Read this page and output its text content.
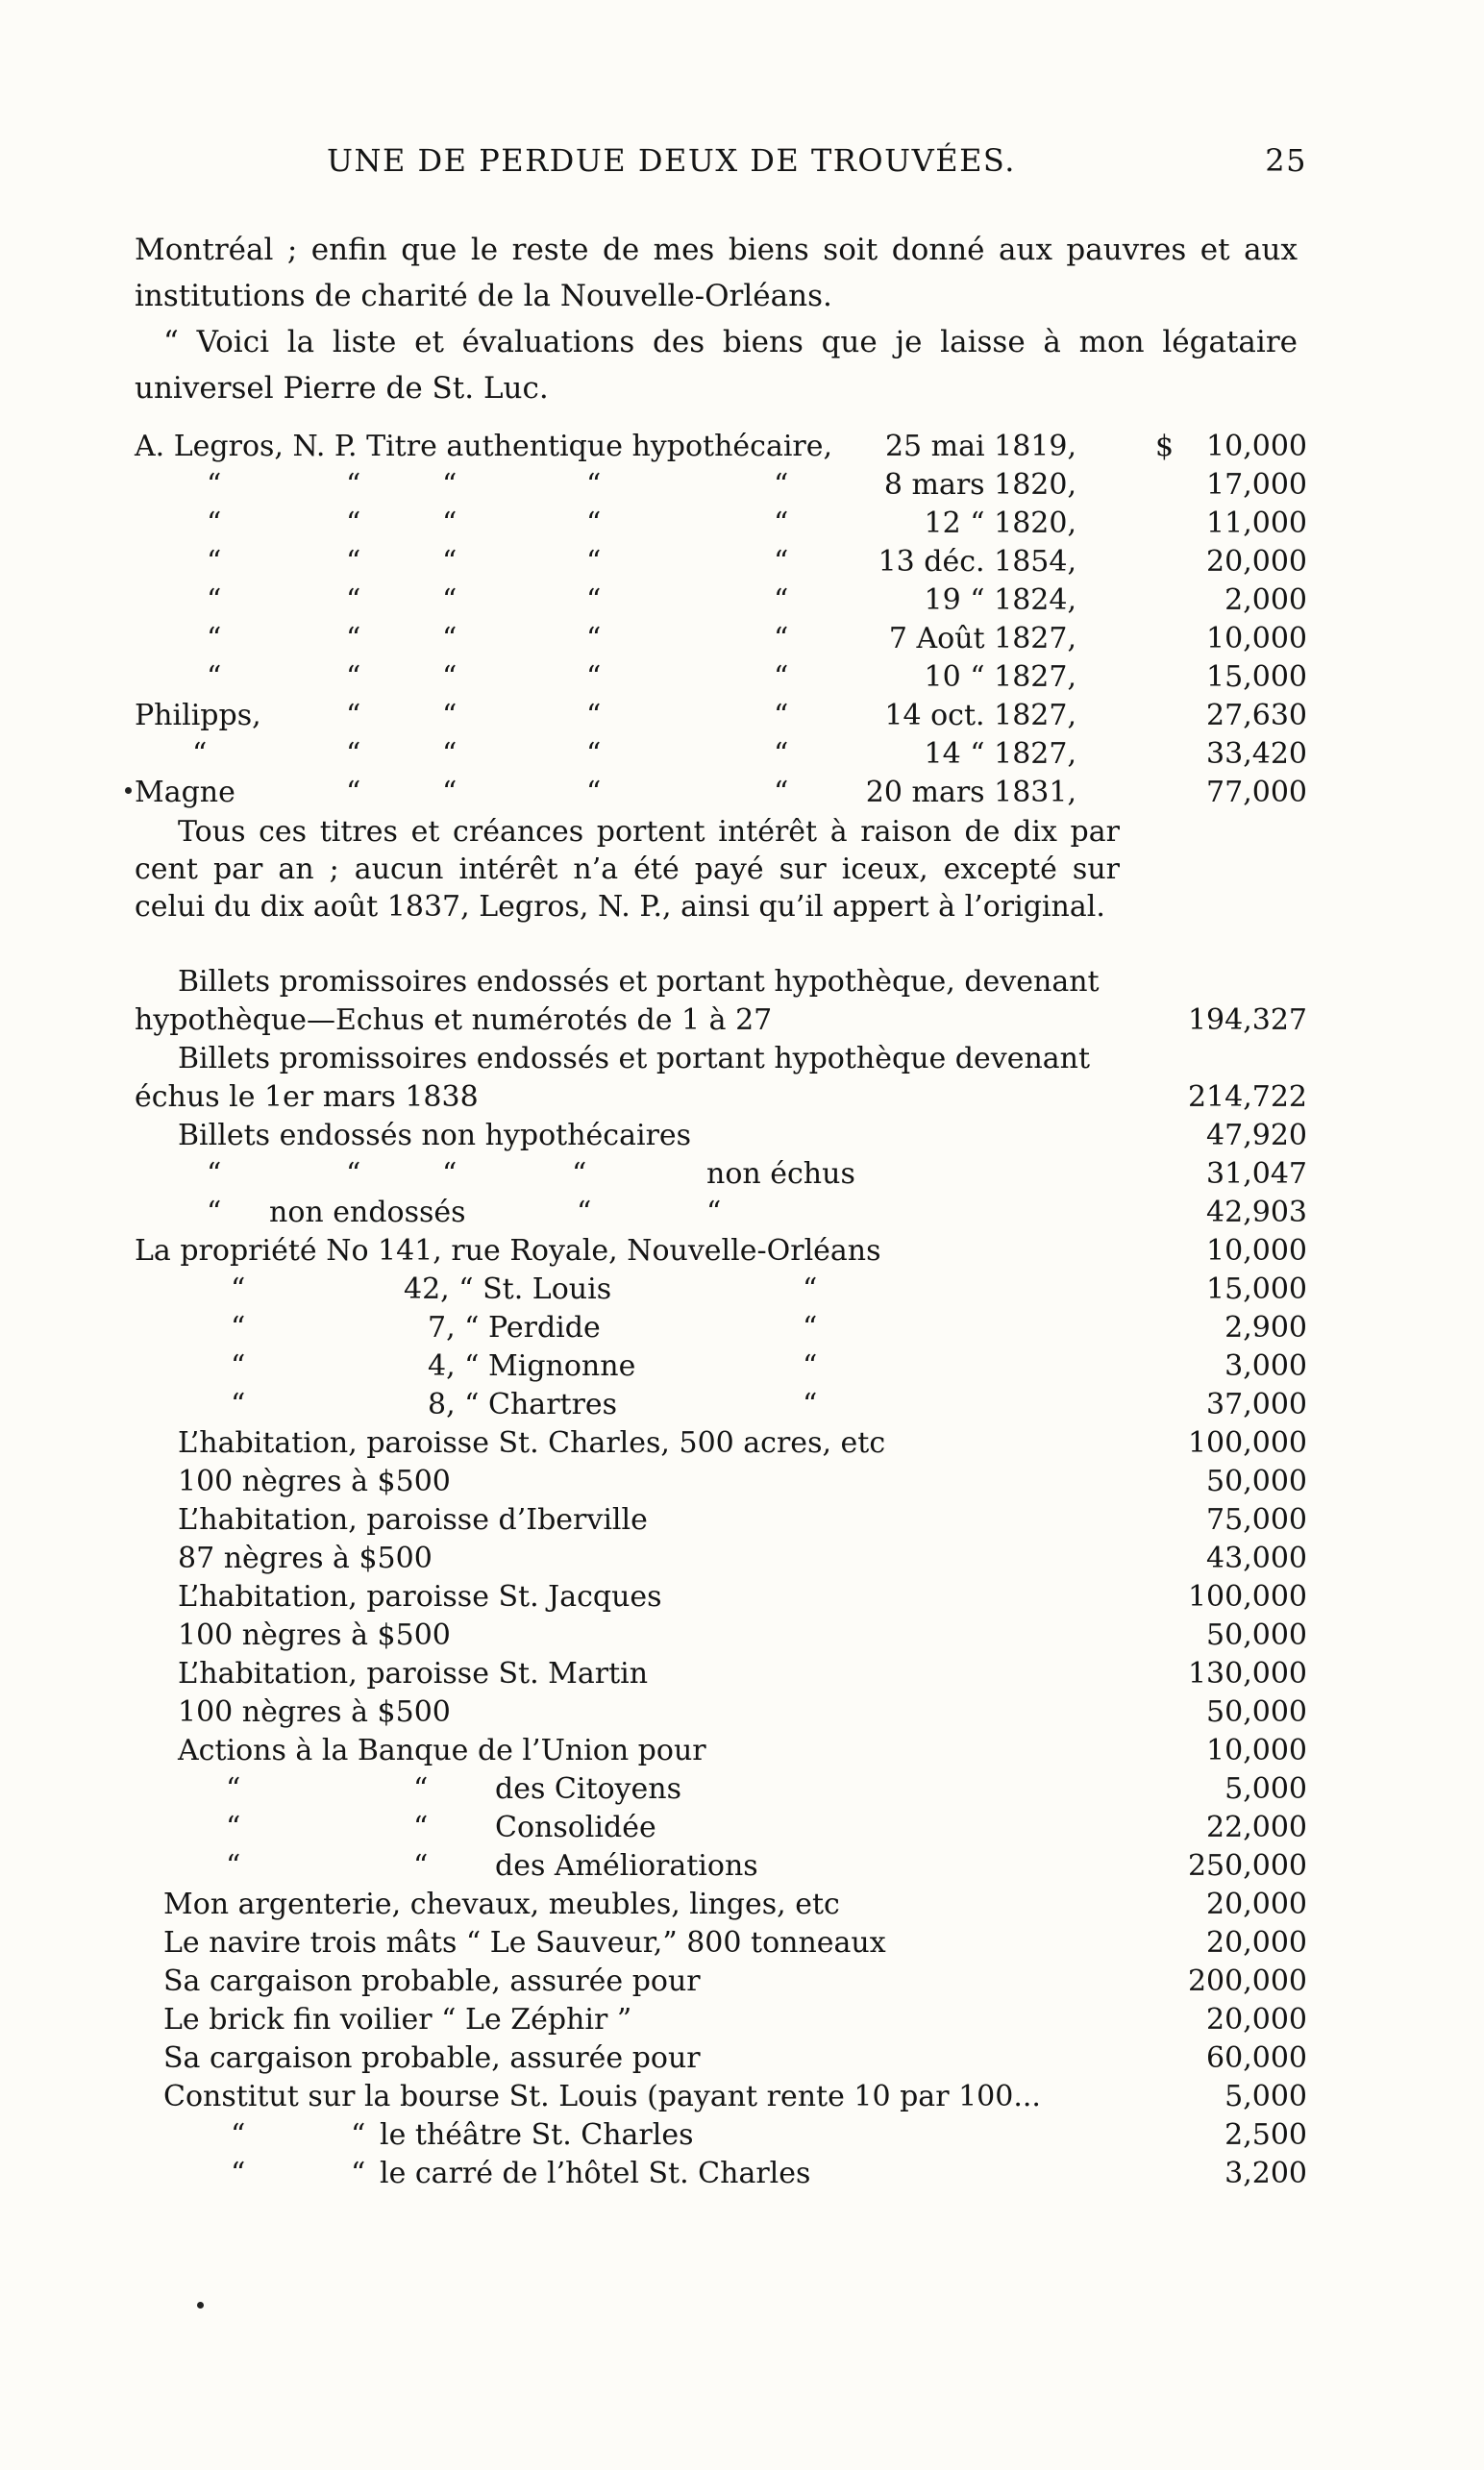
UNE DE PERDUE DEUX DE TROUVÉES.	25

Montréal ; enfin que le reste de mes biens soit donné aux pauvres et aux institutions de charité de la Nouvelle-Orléans.

“ Voici la liste et évaluations des biens que je laisse à mon légataire universel Pierre de St. Luc.

A. Legros, N. P. Titre authentique hypothécaire, 25 mai 1819,	$ 10,000
“	“	“	“	“	8 mars 1820,	17,000
“	“	“	“	“	12 “ 1820,	11,000
“	“	“	“	“	13 déc. 1854,	20,000
“	“	“	“	“	19 “ 1824,	2,000
“	“	“	“	“	7 Août 1827,	10,000
“	“	“	“	“	10 “ 1827,	15,000
Philipps,	“	“	“	“	14 oct. 1827,	27,630
“	“	“	“	“	14 “ 1827,	33,420
Magne	“	“	“	“	20 mars 1831,	77,000

Tous ces titres et créances portent intérêt à raison de dix par cent par an ; aucun intérêt n’a été payé sur iceux, excepté sur celui du dix août 1837, Legros, N. P., ainsi qu’il appert à l’original.

Billets promissoires endossés et portant hypothèque, devenant
hypothèque—Echus et numérotés de 1 à 27	194,327
Billets promissoires endossés et portant hypothèque devenant
échus le 1er mars 1838	214,722
Billets endossés non hypothécaires	47,920
“	“	“	“	non échus	31,047
“ non endossés	“	“	42,903
La propriété No 141, rue Royale, Nouvelle-Orléans	10,000
“	42, “ St. Louis	“	15,000
“	7, “ Perdide	“	2,900
“	4, “ Mignonne	“	3,000
“	8, “ Chartres	“	37,000
L’habitation, paroisse St. Charles, 500 acres, etc	100,000
100 nègres à $500	50,000
L’habitation, paroisse d’Iberville	75,000
87 nègres à $500	43,000
L’habitation, paroisse St. Jacques	100,000
100 nègres à $500	50,000
L’habitation, paroisse St. Martin	130,000
100 nègres à $500	50,000
Actions à la Banque de l’Union pour	10,000
“	“ des Citoyens	5,000
“	“ Consolidée	22,000
“	“ des Améliorations	250,000
Mon argenterie, chevaux, meubles, linges, etc	20,000
Le navire trois mâts “ Le Sauveur,” 800 tonneaux	20,000
Sa cargaison probable, assurée pour	200,000
Le brick fin voilier “ Le Zéphir ”	20,000
Sa cargaison probable, assurée pour	60,000
Constitut sur la bourse St. Louis (payant rente 10 par 100...	5,000
“	“ le théâtre St. Charles	2,500
“	“ le carré de l’hôtel St. Charles	3,200
